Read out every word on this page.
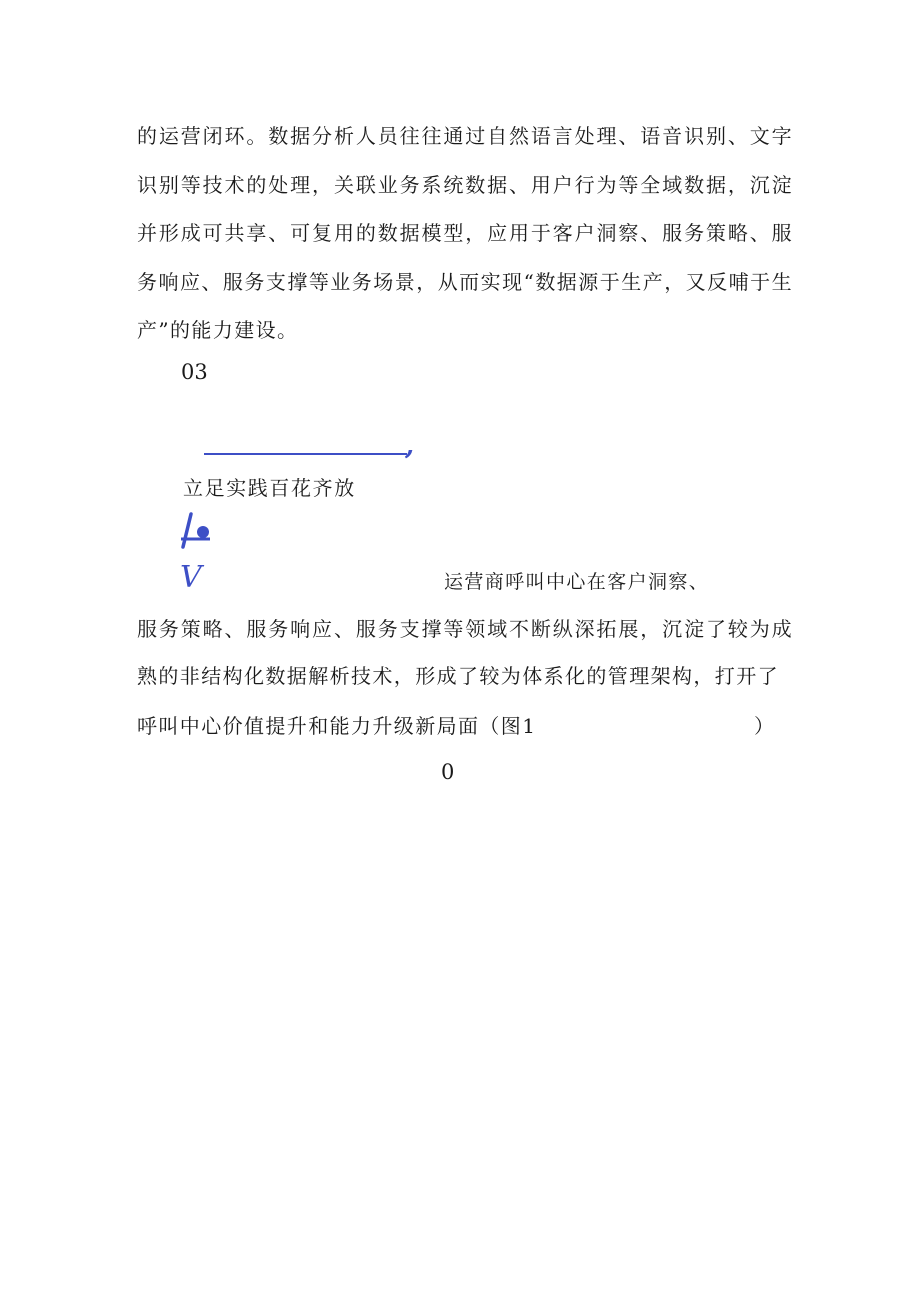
的运营闭环。数据分析人员往往通过自然语言处理、语音识别、文字识别等技术的处理，关联业务系统数据、用户行为等全域数据，沉淀并形成可共享、可复用的数据模型，应用于客户洞察、服务策略、服务响应、服务支撑等业务场景，从而实现“数据源于生产，又反哺于生产”的能力建设。

03
,
立足实践百花齐放
V	运营商呼叫中心在客户洞察、

服务策略、服务响应、服务支撑等领域不断纵深拓展，沉淀了较为成熟的非结构化数据解析技术，形成了较为体系化的管理架构，打开了

呼叫中心价值提升和能力升级新局面（图1	）
0
